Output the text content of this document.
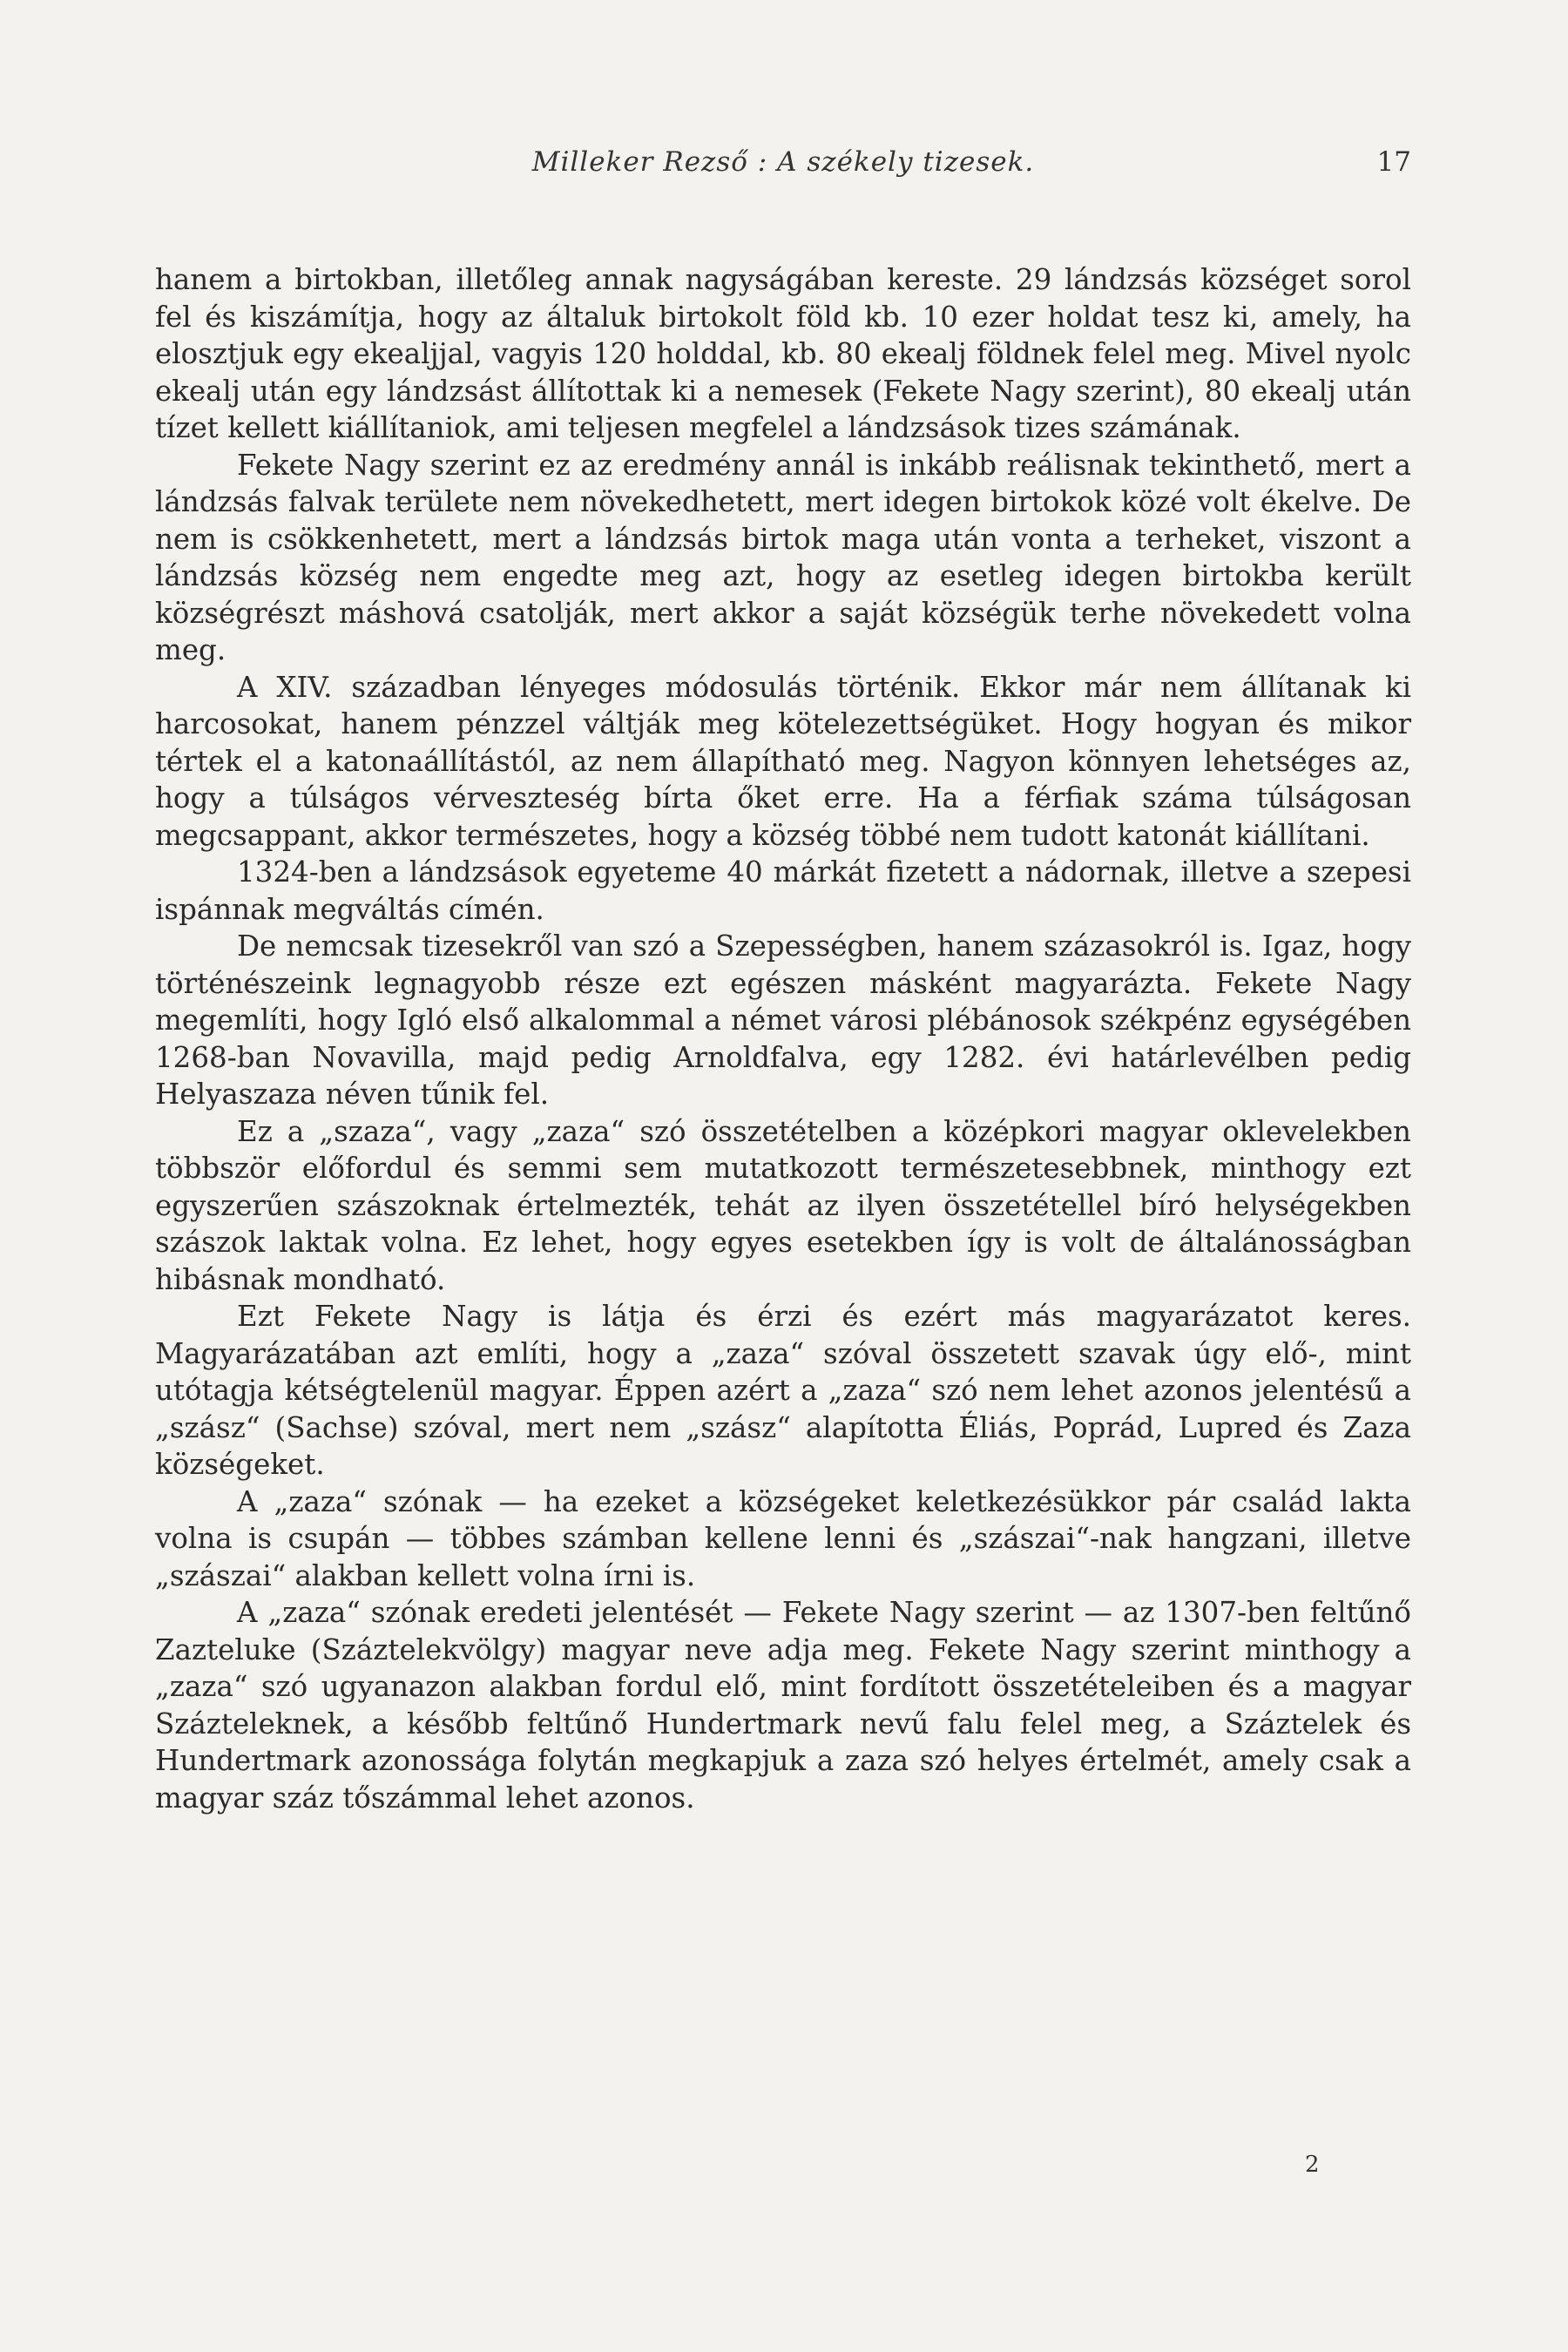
Milleker Rezső : A székely tizesek.	17

hanem a birtokban, illetőleg annak nagyságában kereste. 29 lándzsás községet sorol fel és kiszámítja, hogy az általuk birtokolt föld kb. 10 ezer holdat tesz ki, amely, ha elosztjuk egy ekealjjal, vagyis 120 holddal, kb. 80 ekealj földnek felel meg. Mivel nyolc ekealj után egy lándzsást állítottak ki a nemesek (Fekete Nagy szerint), 80 ekealj után tízet kellett kiállítaniok, ami teljesen megfelel a lándzsások tizes számának.

Fekete Nagy szerint ez az eredmény annál is inkább reálisnak tekinthető, mert a lándzsás falvak területe nem növekedhetett, mert idegen birtokok közé volt ékelve. De nem is csökkenhetett, mert a lándzsás birtok maga után vonta a terheket, viszont a lándzsás község nem engedte meg azt, hogy az esetleg idegen birtokba került községrészt máshová csatolják, mert akkor a saját községük terhe növekedett volna meg.

A XIV. században lényeges módosulás történik. Ekkor már nem állítanak ki harcosokat, hanem pénzzel váltják meg kötelezettségüket. Hogy hogyan és mikor tértek el a katonaállítástól, az nem állapítható meg. Nagyon könnyen lehetséges az, hogy a túlságos vérveszteség bírta őket erre. Ha a férfiak száma túlságosan megcsappant, akkor természetes, hogy a község többé nem tudott katonát kiállítani.

1324-ben a lándzsások egyeteme 40 márkát fizetett a nádornak, illetve a szepesi ispánnak megváltás címén.

De nemcsak tizesekről van szó a Szepességben, hanem százasokról is. Igaz, hogy történészeink legnagyobb része ezt egészen másként magyarázta. Fekete Nagy megemlíti, hogy Igló első alkalommal a német városi plébánosok székpénz egységében 1268-ban Novavilla, majd pedig Arnoldfalva, egy 1282. évi határlevélben pedig Helyaszaza néven tűnik fel.

Ez a „szaza“, vagy „zaza“ szó összetételben a középkori magyar oklevelekben többször előfordul és semmi sem mutatkozott természetesebbnek, minthogy ezt egyszerűen szászoknak értelmezték, tehát az ilyen összetétellel bíró helységekben szászok laktak volna. Ez lehet, hogy egyes esetekben így is volt de általánosságban hibásnak mondható.

Ezt Fekete Nagy is látja és érzi és ezért más magyarázatot keres. Magyarázatában azt említi, hogy a „zaza“ szóval összetett szavak úgy elő-, mint utótagja kétségtelenül magyar. Éppen azért a „zaza“ szó nem lehet azonos jelentésű a „szász“ (Sachse) szóval, mert nem „szász“ alapította Éliás, Poprád, Lupred és Zaza községeket.

A „zaza“ szónak — ha ezeket a községeket keletkezésükkor pár család lakta volna is csupán — többes számban kellene lenni és „szászai“-nak hangzani, illetve „szászai“ alakban kellett volna írni is.

A „zaza“ szónak eredeti jelentését — Fekete Nagy szerint — az 1307-ben feltűnő Zazteluke (Száztelekvölgy) magyar neve adja meg. Fekete Nagy szerint minthogy a „zaza“ szó ugyanazon alakban fordul elő, mint fordított összetételeiben és a magyar Százteleknek, a később feltűnő Hundertmark nevű falu felel meg, a Száztelek és Hundertmark azonossága folytán megkapjuk a zaza szó helyes értelmét, amely csak a magyar száz tőszámmal lehet azonos.

2
